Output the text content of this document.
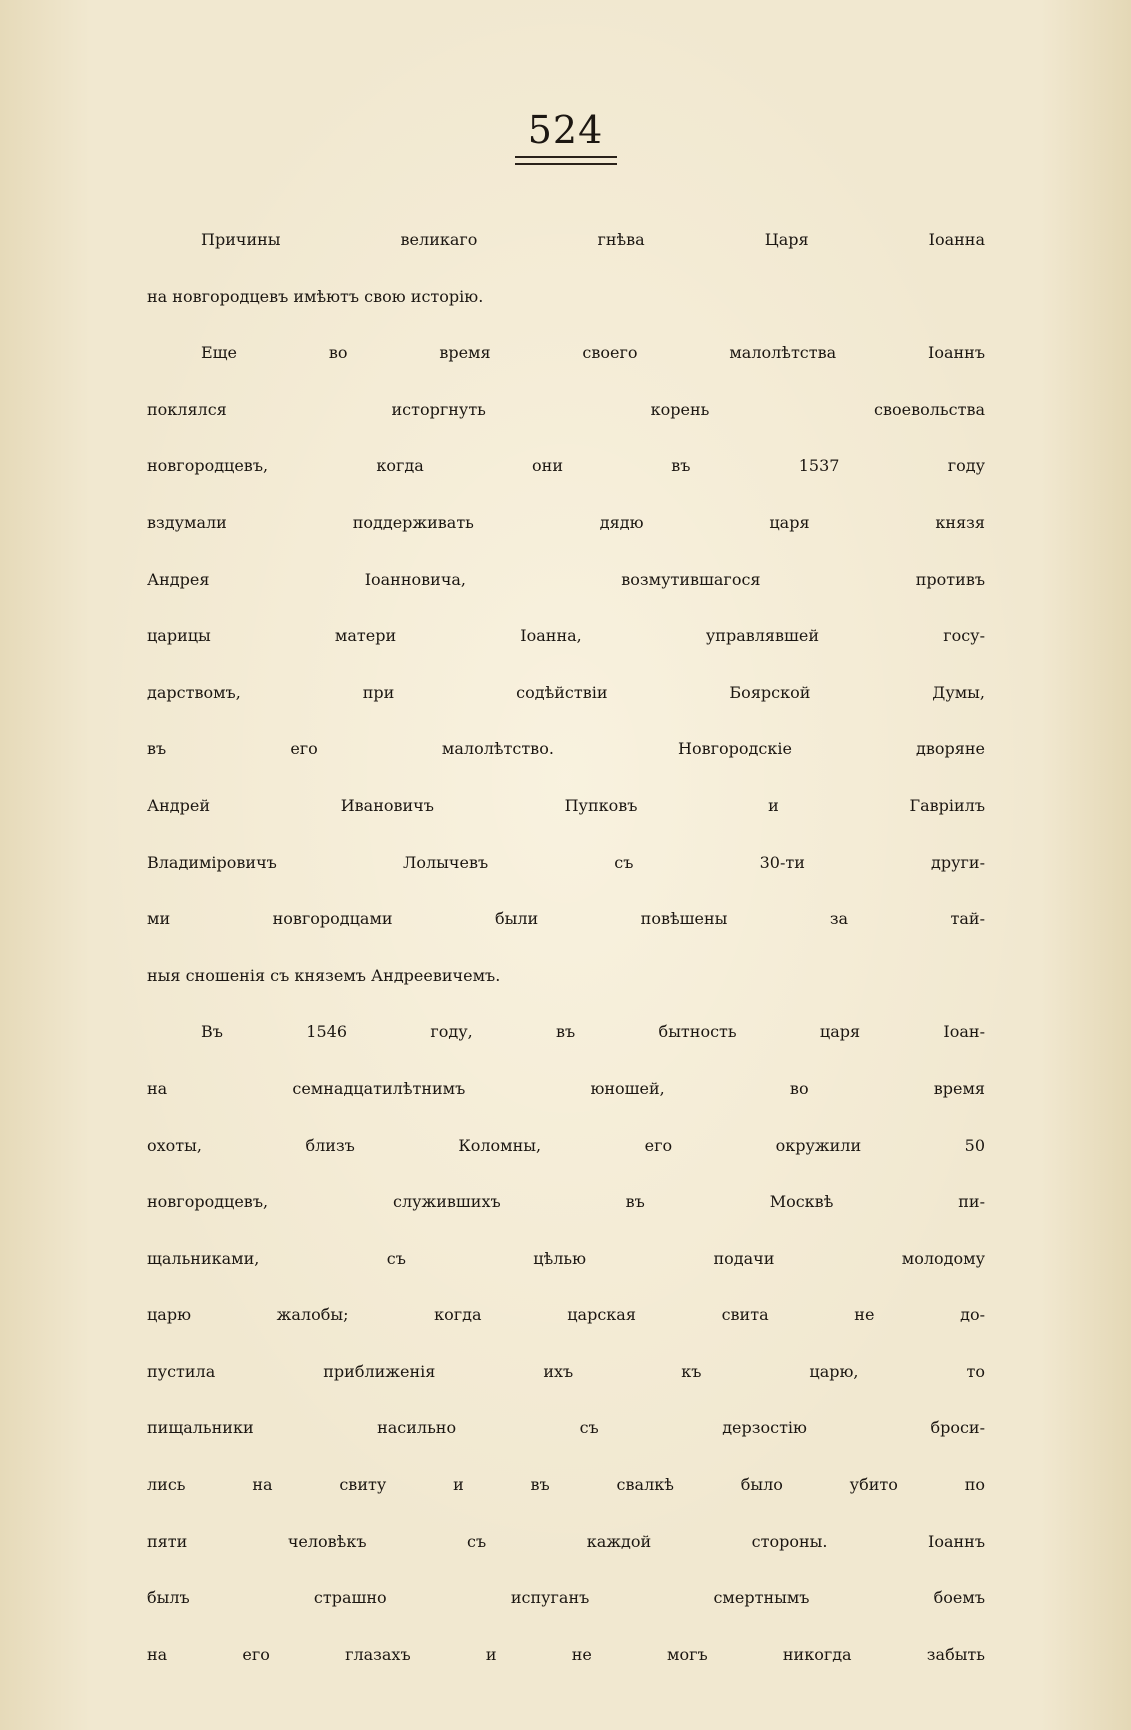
524
Причины великаго гнѣва Царя Іоанна
на новгородцевъ имѣютъ свою исторію.
Еще во время своего малолѣтства Іоаннъ
поклялся исторгнуть корень своевольства
новгородцевъ, когда они въ 1537 году
вздумали поддерживать дядю царя князя
Андрея Іоанновича, возмутившагося противъ
царицы матери Іоанна, управлявшей госу-
дарствомъ, при содѣйствіи Боярской Думы,
въ его малолѣтство. Новгородскіе дворяне
Андрей Ивановичъ Пупковъ и Гавріилъ
Владиміровичъ Лолычевъ съ 30-ти други-
ми новгородцами были повѣшены за тай-
ныя сношенія съ княземъ Андреевичемъ.
Въ 1546 году, въ бытность царя Іоан-
на семнадцатилѣтнимъ юношей, во время
охоты, близъ Коломны, его окружили 50
новгородцевъ, служившихъ въ Москвѣ пи-
щальниками, съ цѣлью подачи молодому
царю жалобы; когда царская свита не до-
пустила приближенія ихъ къ царю, то
пищальники насильно съ дерзостію броси-
лись на свиту и въ свалкѣ было убито по
пяти человѣкъ съ каждой стороны. Іоаннъ
былъ страшно испуганъ смертнымъ боемъ
на его глазахъ и не могъ никогда забыть
